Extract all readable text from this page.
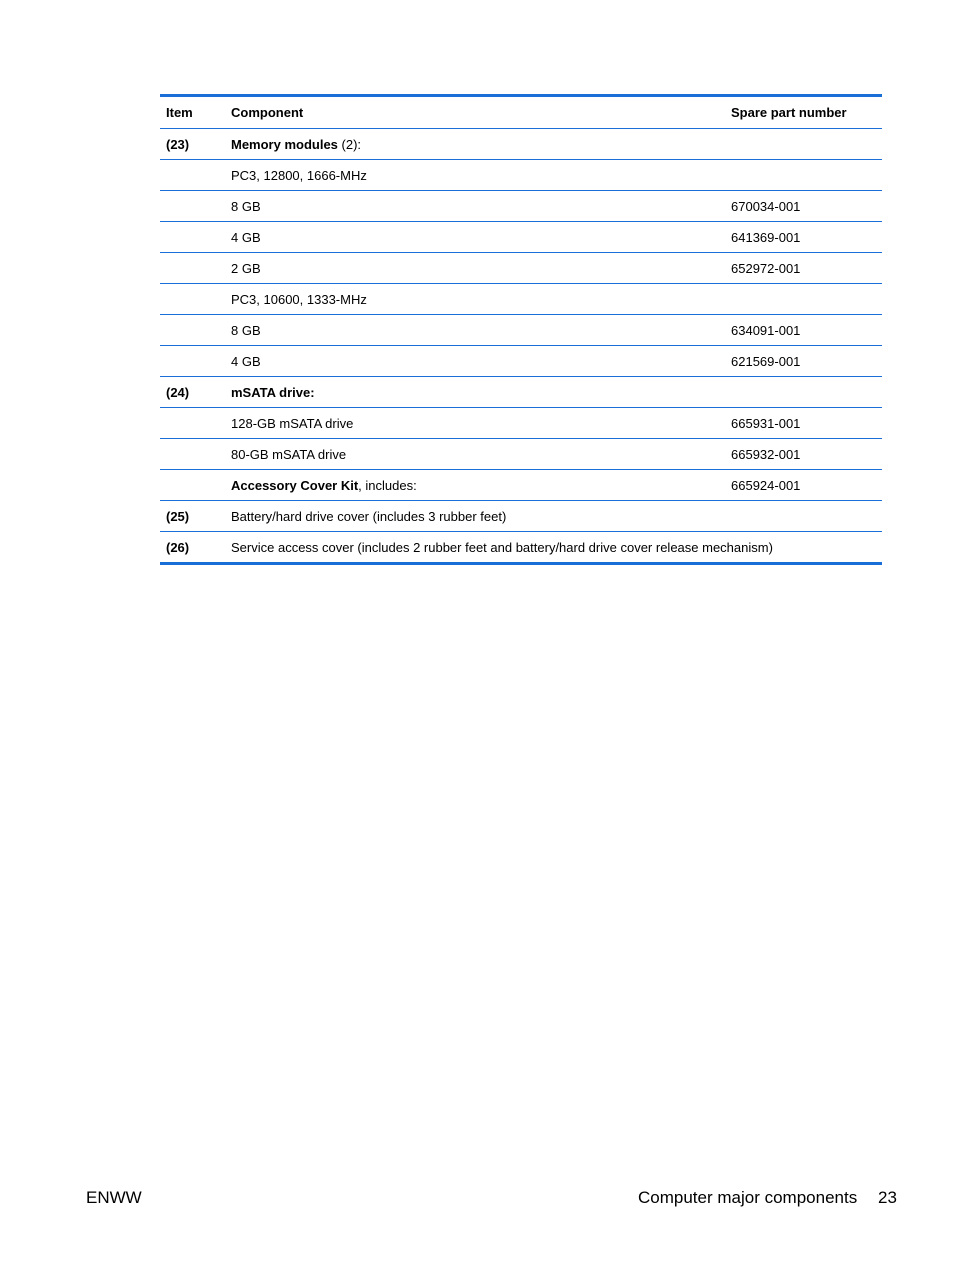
Item	Component	Spare part number
(23)	Memory modules (2):	
	PC3, 12800, 1666-MHz	
	8 GB	670034-001
	4 GB	641369-001
	2 GB	652972-001
	PC3, 10600, 1333-MHz	
	8 GB	634091-001
	4 GB	621569-001
(24)	mSATA drive:	
	128-GB mSATA drive	665931-001
	80-GB mSATA drive	665932-001
	Accessory Cover Kit, includes:	665924-001
(25)	Battery/hard drive cover (includes 3 rubber feet)	
(26)	Service access cover (includes 2 rubber feet and battery/hard drive cover release mechanism)	
ENWW	Computer major components 23
